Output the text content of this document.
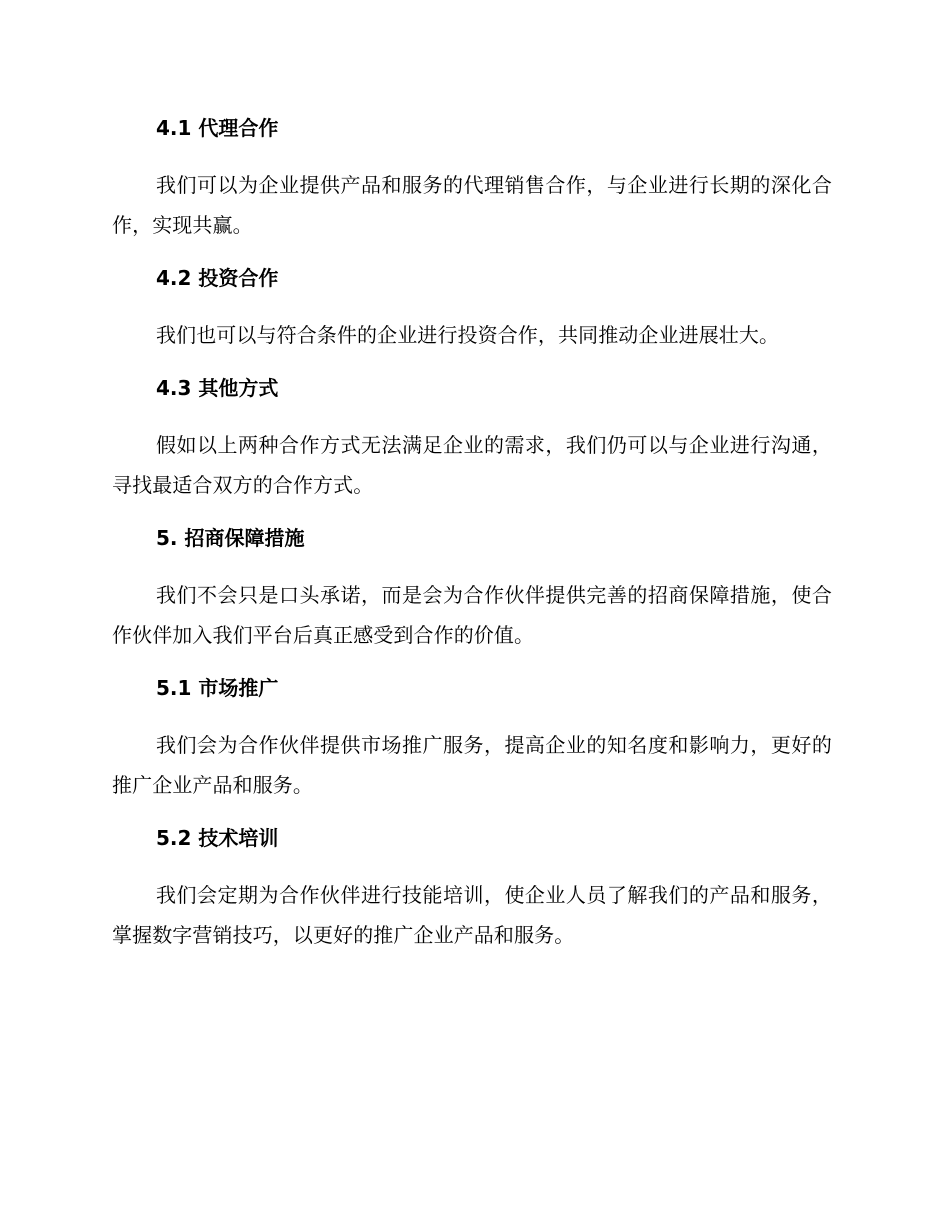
4.1 代理合作

我们可以为企业提供产品和服务的代理销售合作，与企业进行长期的深化合作，实现共赢。

4.2 投资合作

我们也可以与符合条件的企业进行投资合作，共同推动企业进展壮大。

4.3 其他方式

假如以上两种合作方式无法满足企业的需求，我们仍可以与企业进行沟通，寻找最适合双方的合作方式。

5. 招商保障措施

我们不会只是口头承诺，而是会为合作伙伴提供完善的招商保障措施，使合作伙伴加入我们平台后真正感受到合作的价值。

5.1 市场推广

我们会为合作伙伴提供市场推广服务，提高企业的知名度和影响力，更好的推广企业产品和服务。

5.2 技术培训

我们会定期为合作伙伴进行技能培训，使企业人员了解我们的产品和服务，掌握数字营销技巧，以更好的推广企业产品和服务。
